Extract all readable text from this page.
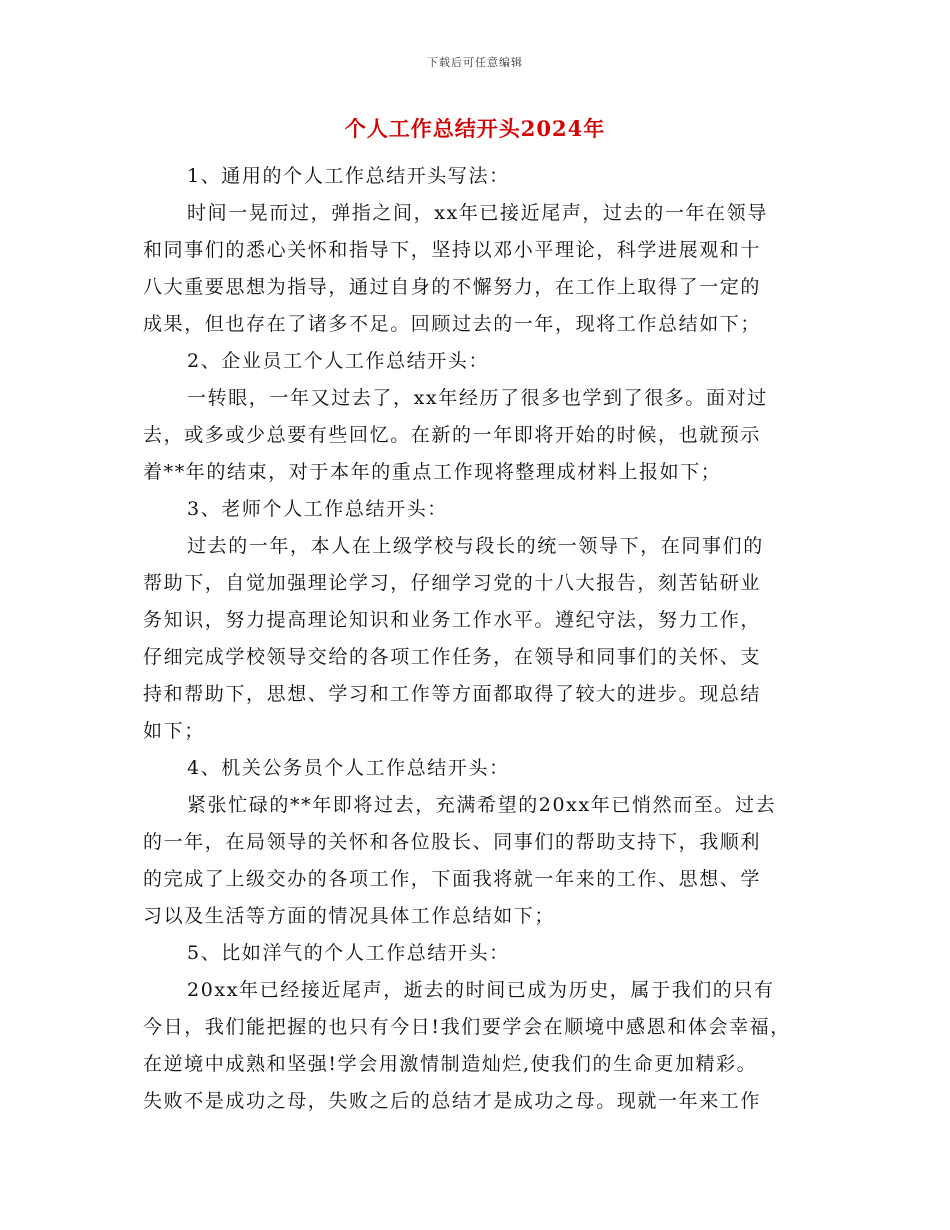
下载后可任意编辑
个人工作总结开头2024年
1、通用的个人工作总结开头写法：
时间一晃而过，弹指之间，xx年已接近尾声，过去的一年在领导
和同事们的悉心关怀和指导下，坚持以邓小平理论，科学进展观和十
八大重要思想为指导，通过自身的不懈努力，在工作上取得了一定的
成果，但也存在了诸多不足。回顾过去的一年，现将工作总结如下；
2、企业员工个人工作总结开头：
一转眼，一年又过去了，xx年经历了很多也学到了很多。面对过
去，或多或少总要有些回忆。在新的一年即将开始的时候，也就预示
着**年的结束，对于本年的重点工作现将整理成材料上报如下；
3、老师个人工作总结开头：
过去的一年，本人在上级学校与段长的统一领导下，在同事们的
帮助下，自觉加强理论学习，仔细学习党的十八大报告，刻苦钻研业
务知识，努力提高理论知识和业务工作水平。遵纪守法，努力工作，
仔细完成学校领导交给的各项工作任务，在领导和同事们的关怀、支
持和帮助下，思想、学习和工作等方面都取得了较大的进步。现总结
如下；
4、机关公务员个人工作总结开头：
紧张忙碌的**年即将过去，充满希望的20xx年已悄然而至。过去
的一年，在局领导的关怀和各位股长、同事们的帮助支持下，我顺利
的完成了上级交办的各项工作，下面我将就一年来的工作、思想、学
习以及生活等方面的情况具体工作总结如下；
5、比如洋气的个人工作总结开头：
20xx年已经接近尾声，逝去的时间已成为历史，属于我们的只有
今日，我们能把握的也只有今日!我们要学会在顺境中感恩和体会幸福，
在逆境中成熟和坚强!学会用激情制造灿烂,使我们的生命更加精彩。
失败不是成功之母，失败之后的总结才是成功之母。现就一年来工作
